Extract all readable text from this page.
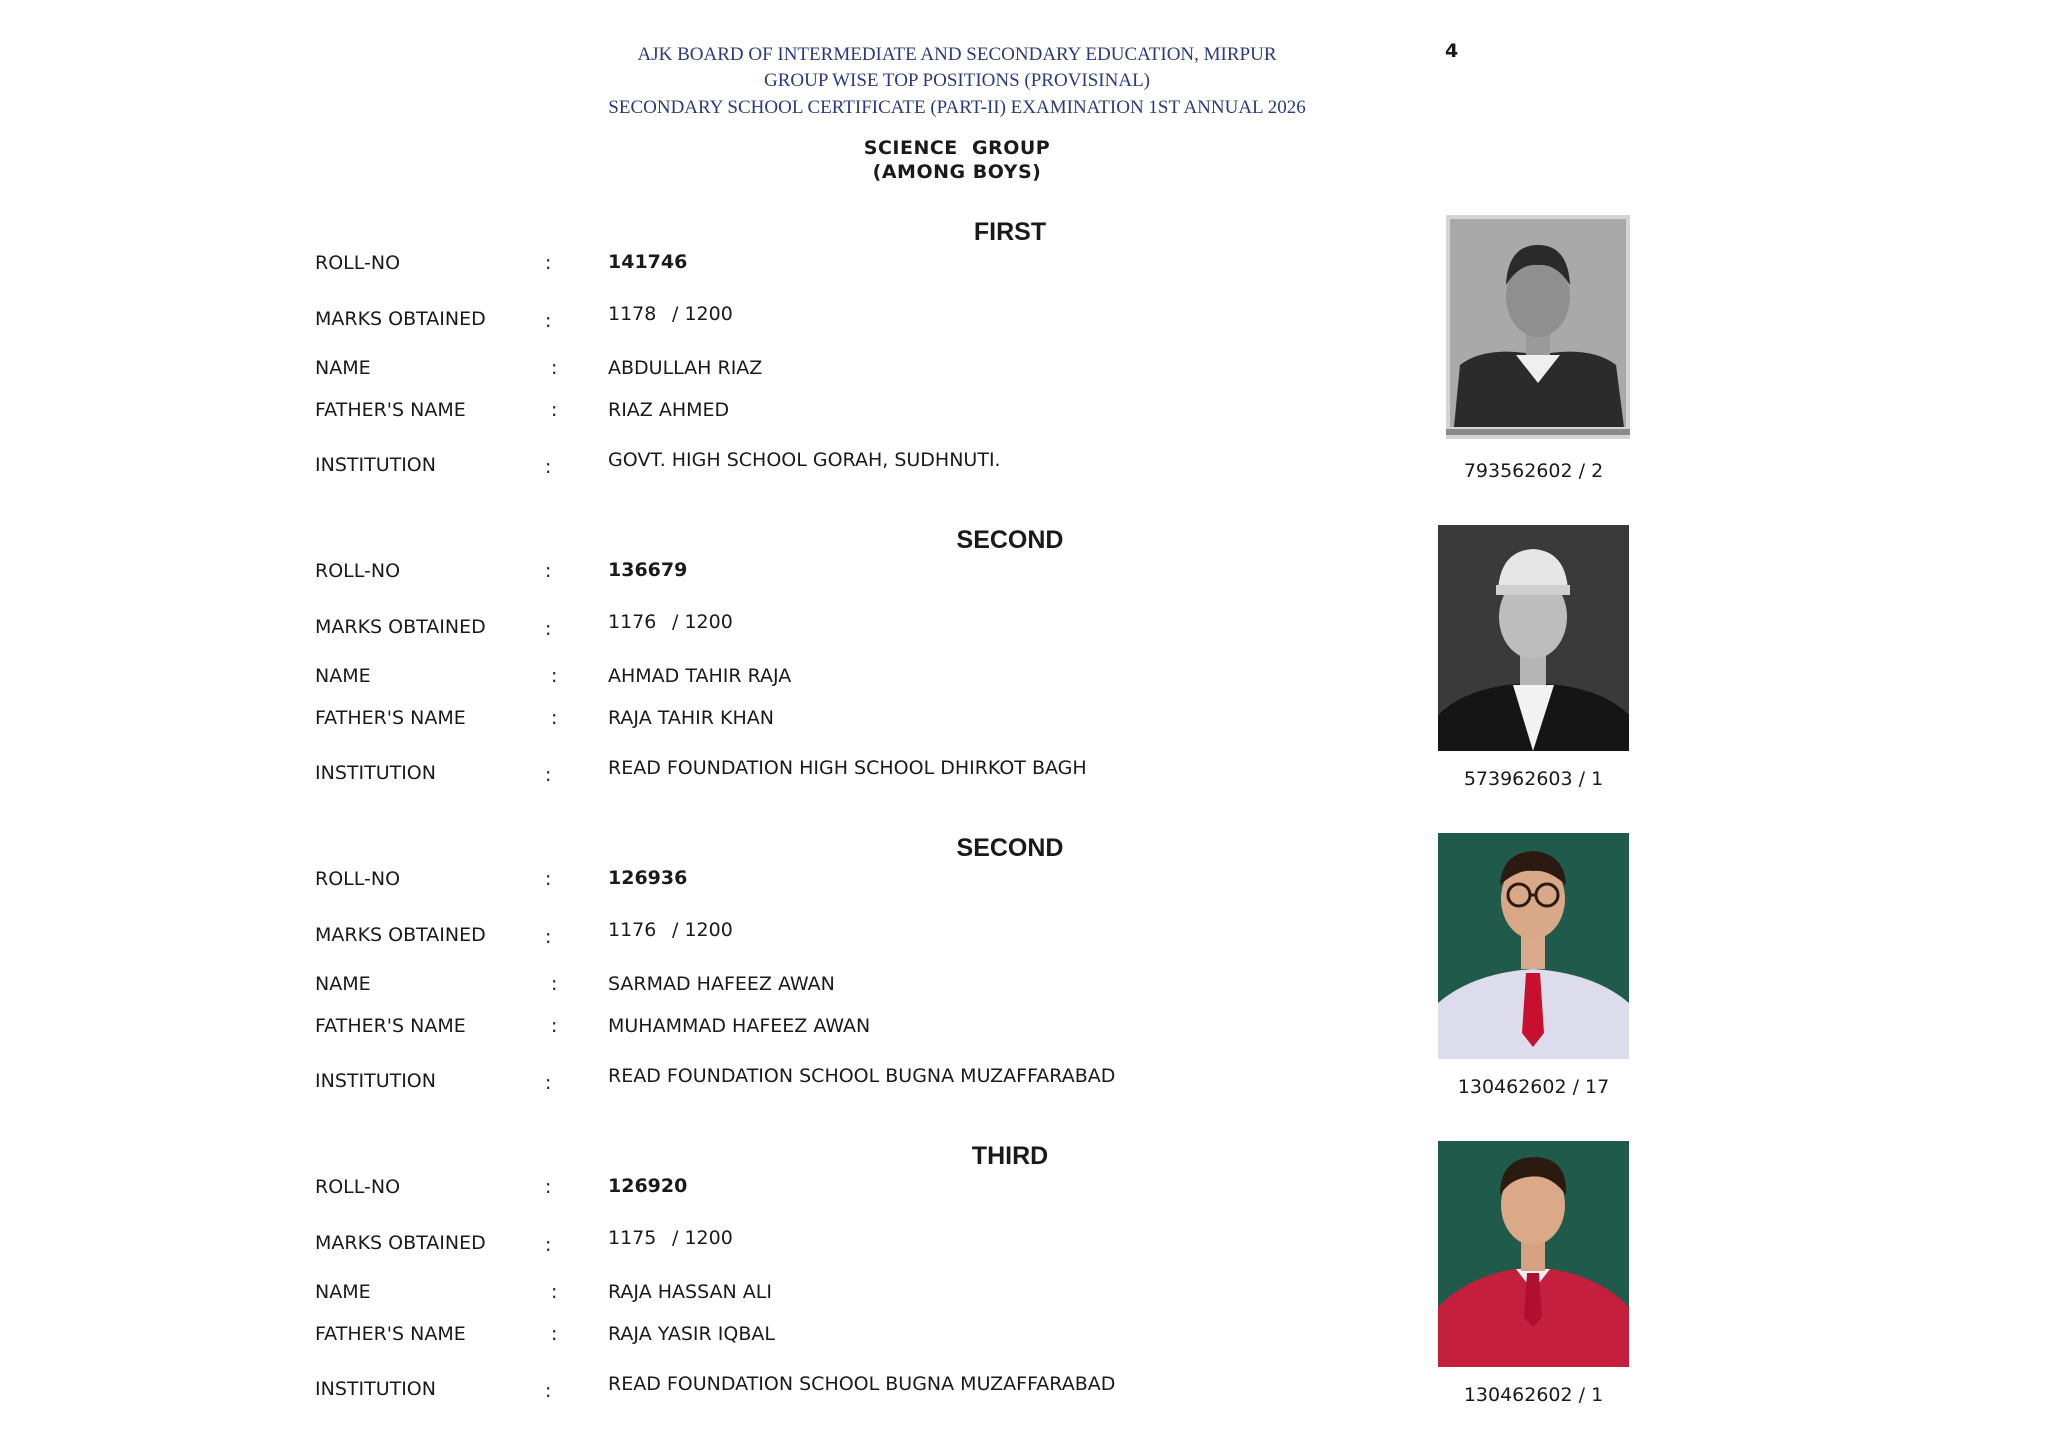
AJK BOARD OF INTERMEDIATE AND SECONDARY EDUCATION, MIRPUR
GROUP WISE TOP POSITIONS (PROVISINAL)
SECONDARY SCHOOL CERTIFICATE (PART-II) EXAMINATION 1ST ANNUAL 2026
4
SCIENCE  GROUP
(AMONG BOYS)
FIRST
ROLL-NO	:	141746
MARKS OBTAINED	:	1178 / 1200
NAME	:	ABDULLAH RIAZ
FATHER'S NAME	:	RIAZ AHMED
INSTITUTION	:	GOVT. HIGH SCHOOL GORAH, SUDHNUTI.	793562602 / 2
SECOND
ROLL-NO	:	136679
MARKS OBTAINED	:	1176 / 1200
NAME	:	AHMAD TAHIR RAJA
FATHER'S NAME	:	RAJA TAHIR KHAN
INSTITUTION	:	READ FOUNDATION HIGH SCHOOL DHIRKOT BAGH	573962603 / 1
SECOND
ROLL-NO	:	126936
MARKS OBTAINED	:	1176 / 1200
NAME	:	SARMAD HAFEEZ AWAN
FATHER'S NAME	:	MUHAMMAD HAFEEZ AWAN
INSTITUTION	:	READ FOUNDATION SCHOOL BUGNA MUZAFFARABAD	130462602 / 17
THIRD
ROLL-NO	:	126920
MARKS OBTAINED	:	1175 / 1200
NAME	:	RAJA HASSAN ALI
FATHER'S NAME	:	RAJA YASIR IQBAL
INSTITUTION	:	READ FOUNDATION SCHOOL BUGNA MUZAFFARABAD	130462602 / 1
